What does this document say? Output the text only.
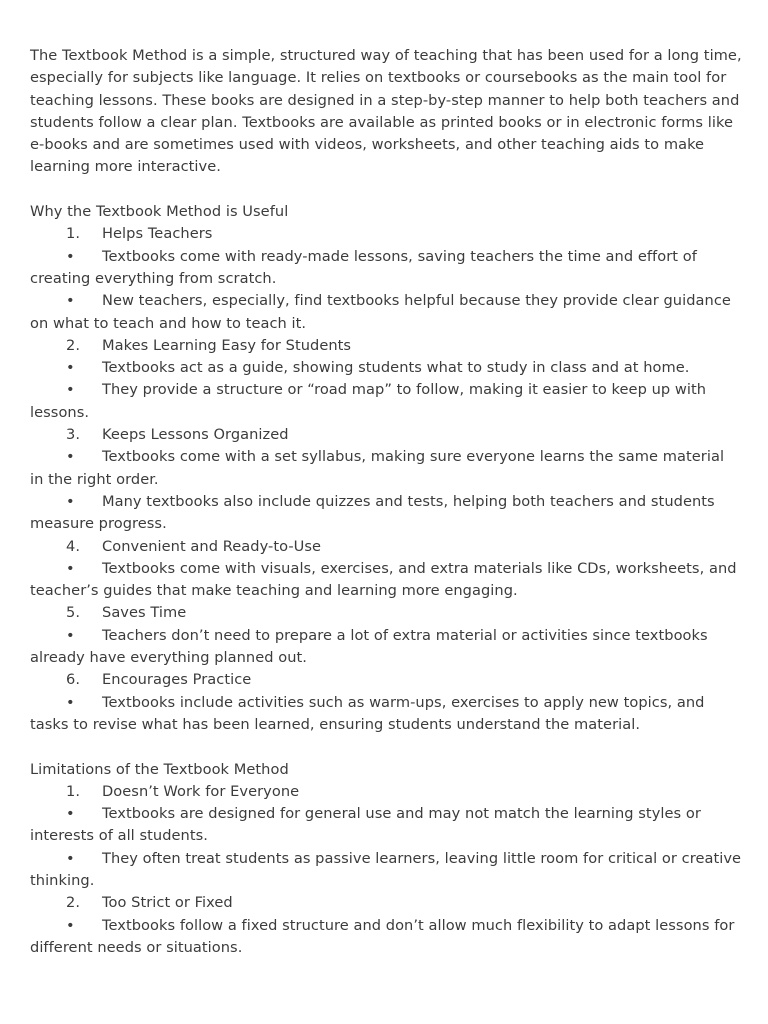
The Textbook Method is a simple, structured way of teaching that has been used for a long time, especially for subjects like language. It relies on textbooks or coursebooks as the main tool for teaching lessons. These books are designed in a step-by-step manner to help both teachers and students follow a clear plan. Textbooks are available as printed books or in electronic forms like e-books and are sometimes used with videos, worksheets, and other teaching aids to make learning more interactive.

Why the Textbook Method is Useful

1. Helps Teachers

• Textbooks come with ready-made lessons, saving teachers the time and effort of creating everything from scratch.

• New teachers, especially, find textbooks helpful because they provide clear guidance on what to teach and how to teach it.

2. Makes Learning Easy for Students

• Textbooks act as a guide, showing students what to study in class and at home.

• They provide a structure or “road map” to follow, making it easier to keep up with lessons.

3. Keeps Lessons Organized

• Textbooks come with a set syllabus, making sure everyone learns the same material in the right order.

• Many textbooks also include quizzes and tests, helping both teachers and students measure progress.

4. Convenient and Ready-to-Use

• Textbooks come with visuals, exercises, and extra materials like CDs, worksheets, and teacher’s guides that make teaching and learning more engaging.

5. Saves Time

• Teachers don’t need to prepare a lot of extra material or activities since textbooks already have everything planned out.

6. Encourages Practice

• Textbooks include activities such as warm-ups, exercises to apply new topics, and tasks to revise what has been learned, ensuring students understand the material.

Limitations of the Textbook Method

1. Doesn’t Work for Everyone

• Textbooks are designed for general use and may not match the learning styles or interests of all students.

• They often treat students as passive learners, leaving little room for critical or creative thinking.

2. Too Strict or Fixed

• Textbooks follow a fixed structure and don’t allow much flexibility to adapt lessons for different needs or situations.
